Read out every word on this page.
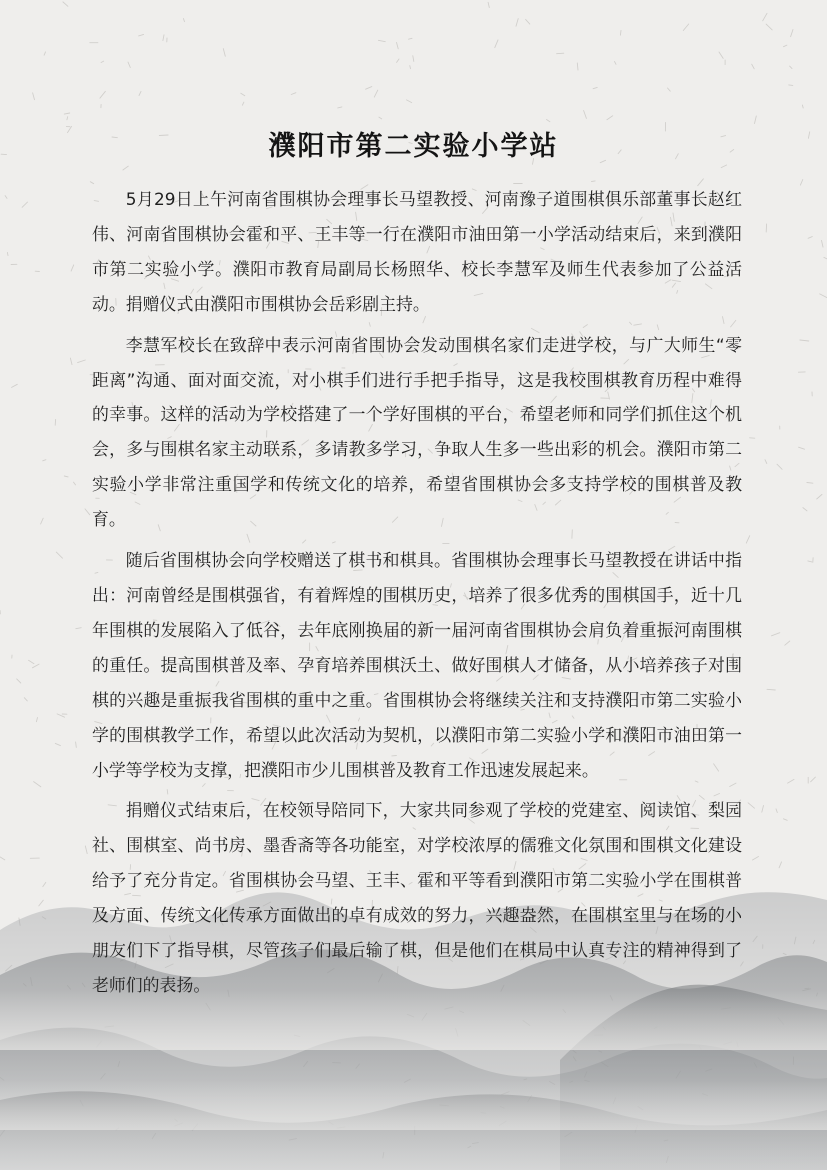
濮阳市第二实验小学站

5月29日上午河南省围棋协会理事长马望教授、河南豫子道围棋俱乐部董事长赵红伟、河南省围棋协会霍和平、王丰等一行在濮阳市油田第一小学活动结束后，来到濮阳市第二实验小学。濮阳市教育局副局长杨照华、校长李慧军及师生代表参加了公益活动。捐赠仪式由濮阳市围棋协会岳彩剧主持。

李慧军校长在致辞中表示河南省围协会发动围棋名家们走进学校，与广大师生“零距离”沟通、面对面交流，对小棋手们进行手把手指导，这是我校围棋教育历程中难得的幸事。这样的活动为学校搭建了一个学好围棋的平台，希望老师和同学们抓住这个机会，多与围棋名家主动联系，多请教多学习，争取人生多一些出彩的机会。濮阳市第二实验小学非常注重国学和传统文化的培养，希望省围棋协会多支持学校的围棋普及教育。

随后省围棋协会向学校赠送了棋书和棋具。省围棋协会理事长马望教授在讲话中指出：河南曾经是围棋强省，有着辉煌的围棋历史，培养了很多优秀的围棋国手，近十几年围棋的发展陷入了低谷，去年底刚换届的新一届河南省围棋协会肩负着重振河南围棋的重任。提高围棋普及率、孕育培养围棋沃土、做好围棋人才储备，从小培养孩子对围棋的兴趣是重振我省围棋的重中之重。省围棋协会将继续关注和支持濮阳市第二实验小学的围棋教学工作，希望以此次活动为契机，以濮阳市第二实验小学和濮阳市油田第一小学等学校为支撑，把濮阳市少儿围棋普及教育工作迅速发展起来。

捐赠仪式结束后，在校领导陪同下，大家共同参观了学校的党建室、阅读馆、梨园社、围棋室、尚书房、墨香斋等各功能室，对学校浓厚的儒雅文化氛围和围棋文化建设给予了充分肯定。省围棋协会马望、王丰、霍和平等看到濮阳市第二实验小学在围棋普及方面、传统文化传承方面做出的卓有成效的努力，兴趣盎然，在围棋室里与在场的小朋友们下了指导棋，尽管孩子们最后输了棋，但是他们在棋局中认真专注的精神得到了老师们的表扬。
